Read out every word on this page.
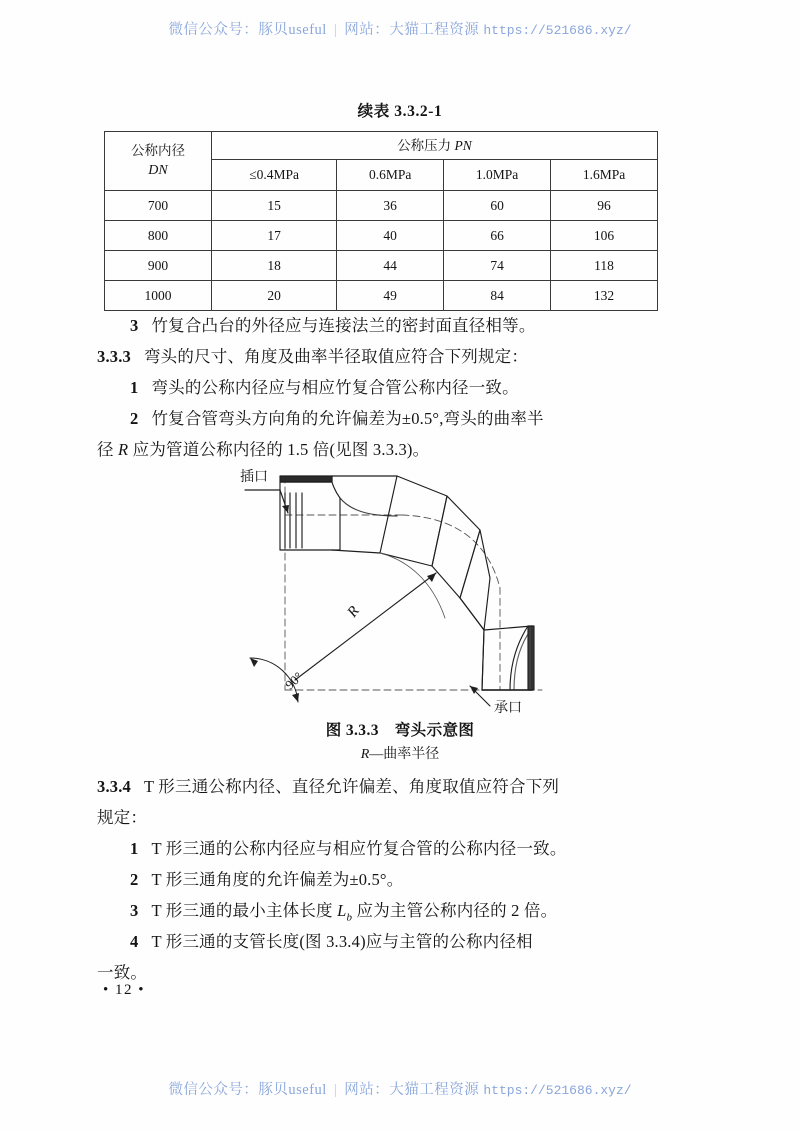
微信公众号：豚贝useful | 网站：大猫工程资源 https://521686.xyz/
续表 3.3.2-1
公称内径
DN	公称压力 PN			
	≤0.4MPa	0.6MPa	1.0MPa	1.6MPa
700	15	36	60	96
800	17	40	66	106
900	18	44	74	118
1000	20	49	84	132
3 竹复合凸台的外径应与连接法兰的密封面直径相等。
3.3.3 弯头的尺寸、角度及曲率半径取值应符合下列规定：
1 弯头的公称内径应与相应竹复合管公称内径一致。
2 竹复合管弯头方向角的允许偏差为±0.5°,弯头的曲率半
径 R 应为管道公称内径的 1.5 倍(见图 3.3.3)。
插口
承口
R
90°
图 3.3.3　弯头示意图
R—曲率半径
3.3.4 T 形三通公称内径、直径允许偏差、角度取值应符合下列
规定：
1 T 形三通的公称内径应与相应竹复合管的公称内径一致。
2 T 形三通角度的允许偏差为±0.5°。
3 T 形三通的最小主体长度 $L_b$ 应为主管公称内径的 2 倍。
4 T 形三通的支管长度(图 3.3.4)应与主管的公称内径相
一致。
• 12 •
微信公众号：豚贝useful | 网站：大猫工程资源 https://521686.xyz/
